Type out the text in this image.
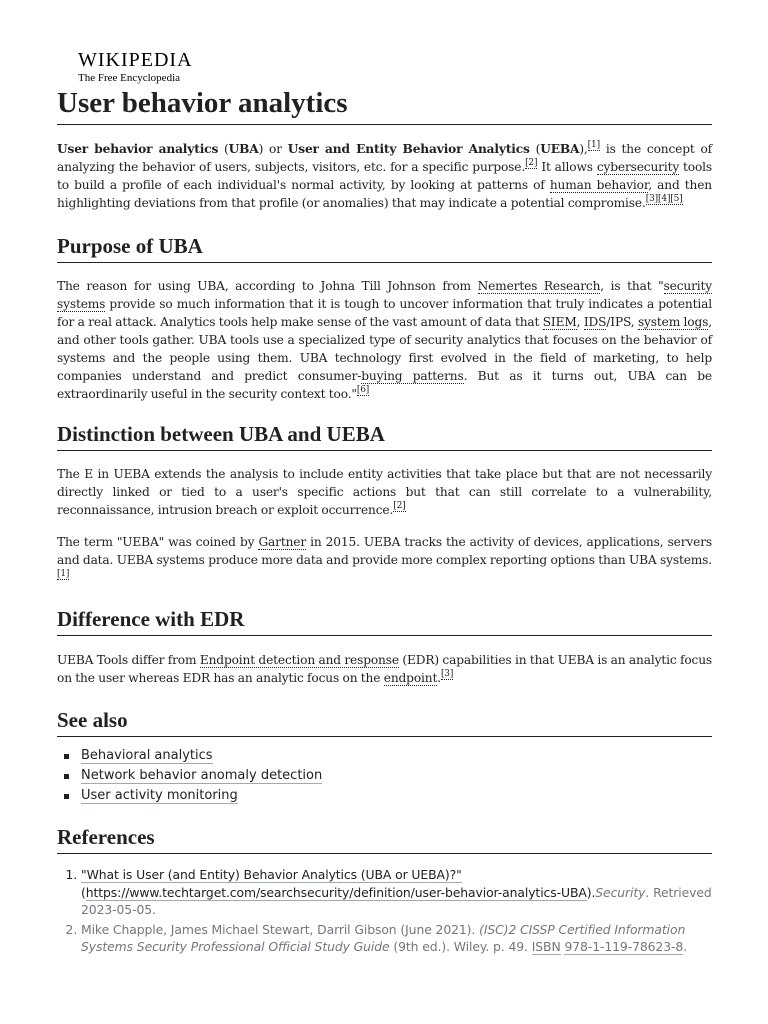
WIKIPEDIA
The Free Encyclopedia
User behavior analytics

User behavior analytics (UBA) or User and Entity Behavior Analytics (UEBA),[1] is the concept of analyzing the behavior of users, subjects, visitors, etc. for a specific purpose.[2] It allows cybersecurity tools to build a profile of each individual's normal activity, by looking at patterns of human behavior, and then highlighting deviations from that profile (or anomalies) that may indicate a potential compromise.[3][4][5]

Purpose of UBA

The reason for using UBA, according to Johna Till Johnson from Nemertes Research, is that "security systems provide so much information that it is tough to uncover information that truly indicates a potential for a real attack. Analytics tools help make sense of the vast amount of data that SIEM, IDS/IPS, system logs, and other tools gather. UBA tools use a specialized type of security analytics that focuses on the behavior of systems and the people using them. UBA technology first evolved in the field of marketing, to help companies understand and predict consumer-buying patterns. But as it turns out, UBA can be extraordinarily useful in the security context too."[6]

Distinction between UBA and UEBA

The E in UEBA extends the analysis to include entity activities that take place but that are not necessarily directly linked or tied to a user's specific actions but that can still correlate to a vulnerability, reconnaissance, intrusion breach or exploit occurrence.[2]

The term "UEBA" was coined by Gartner in 2015. UEBA tracks the activity of devices, applications, servers and data. UEBA systems produce more data and provide more complex reporting options than UBA systems.[1]

Difference with EDR

UEBA Tools differ from Endpoint detection and response (EDR) capabilities in that UEBA is an analytic focus on the user whereas EDR has an analytic focus on the endpoint.[3]

See also
Behavioral analytics
Network behavior anomaly detection
User activity monitoring
References
1. "What is User (and Entity) Behavior Analytics (UBA or UEBA)?" (https://www.techtarget.com/searchsecurity/definition/user-behavior-analytics-UBA).Security. Retrieved 2023-05-05.
2. Mike Chapple, James Michael Stewart, Darril Gibson (June 2021). (ISC)2 CISSP Certified Information Systems Security Professional Official Study Guide (9th ed.). Wiley. p. 49. ISBN 978-1-119-78623-8.
